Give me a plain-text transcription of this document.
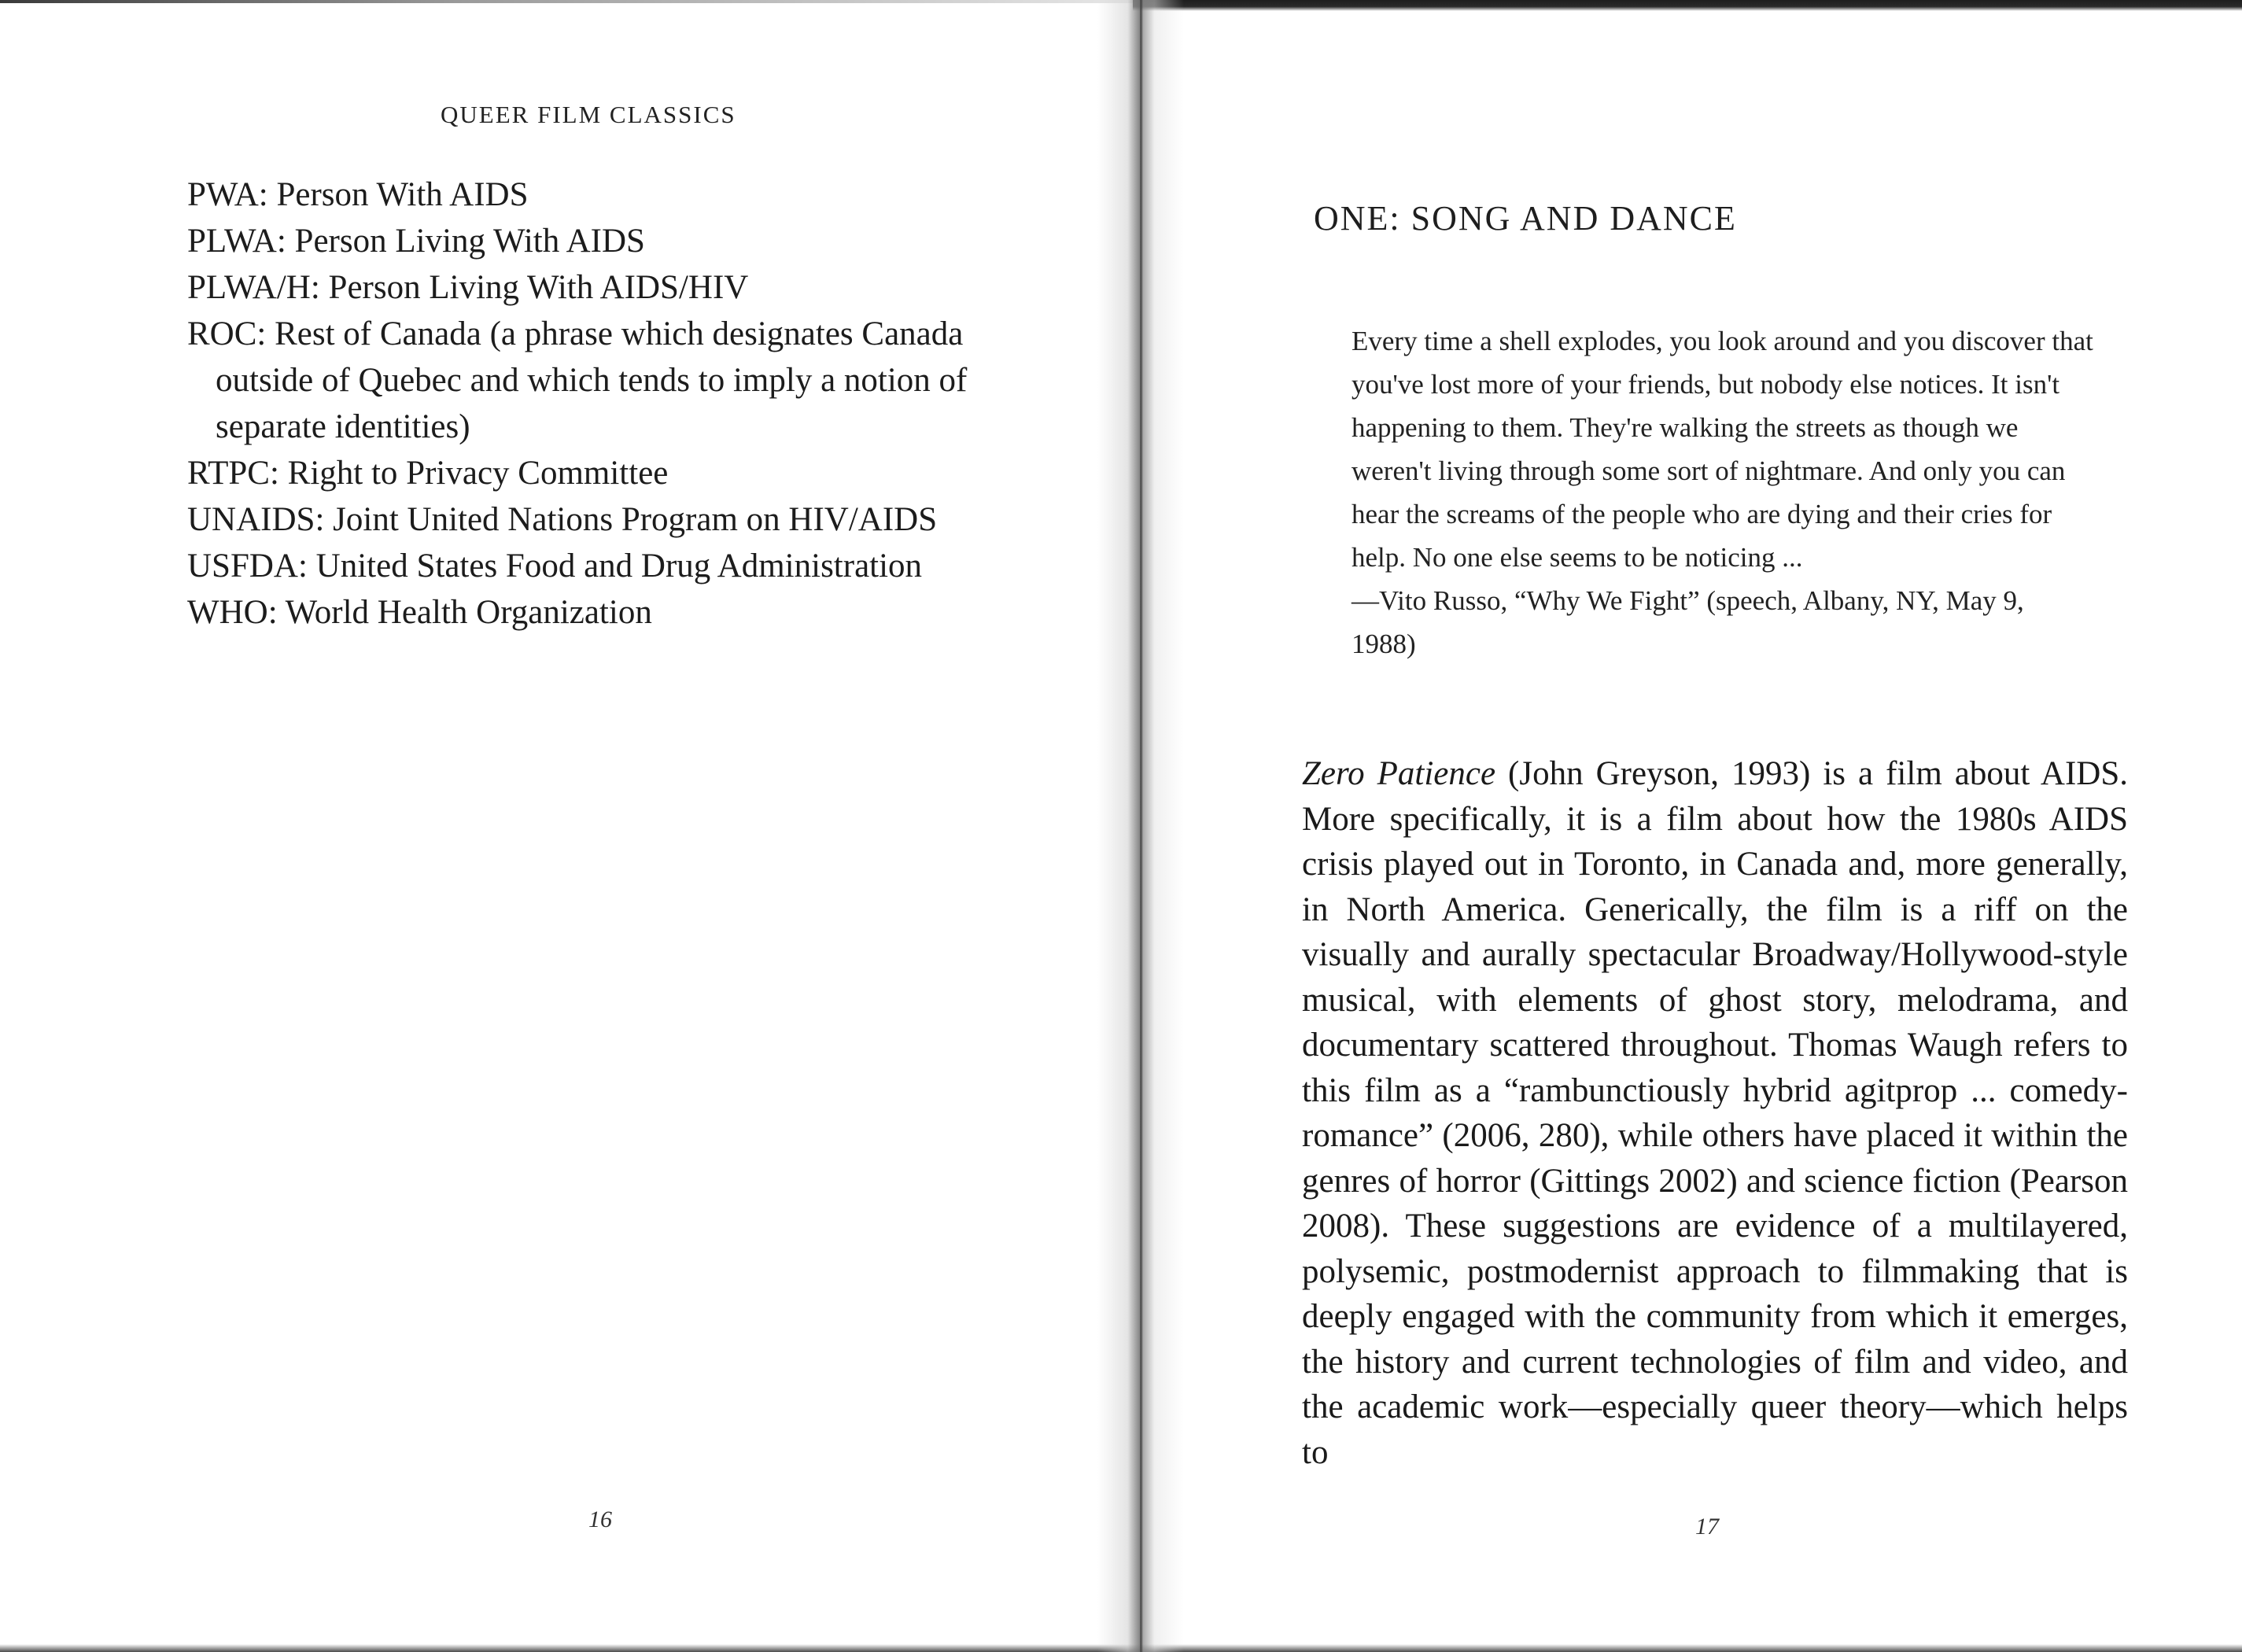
QUEER FILM CLASSICS
PWA: Person With AIDS
PLWA: Person Living With AIDS
PLWA/H: Person Living With AIDS/HIV
ROC: Rest of Canada (a phrase which designates Canada outside of Quebec and which tends to imply a notion of separate identities)
RTPC: Right to Privacy Committee
UNAIDS: Joint United Nations Program on HIV/AIDS
USFDA: United States Food and Drug Administration
WHO: World Health Organization
16
ONE: SONG AND DANCE

Every time a shell explodes, you look around and you discover that you've lost more of your friends, but nobody else notices. It isn't happening to them. They're walking the streets as though we weren't living through some sort of nightmare. And only you can hear the screams of the people who are dying and their cries for help. No one else seems to be noticing ...

—Vito Russo, “Why We Fight” (speech, Albany, NY, May 9, 1988)

Zero Patience (John Greyson, 1993) is a film about AIDS. More specifically, it is a film about how the 1980s AIDS crisis played out in Toronto, in Canada and, more generally, in North America. Generically, the film is a riff on the visually and aurally spectacular Broadway/Hollywood-style musical, with elements of ghost story, melodrama, and documentary scattered throughout. Thomas Waugh refers to this film as a “rambunctiously hybrid agitprop ... comedy-romance” (2006, 280), while others have placed it within the genres of horror (Gittings 2002) and science fiction (Pearson 2008). These suggestions are evidence of a multilayered, polysemic, postmodernist approach to filmmaking that is deeply engaged with the community from which it emerges, the history and current technologies of film and video, and the academic work—especially queer theory—which helps to

17
